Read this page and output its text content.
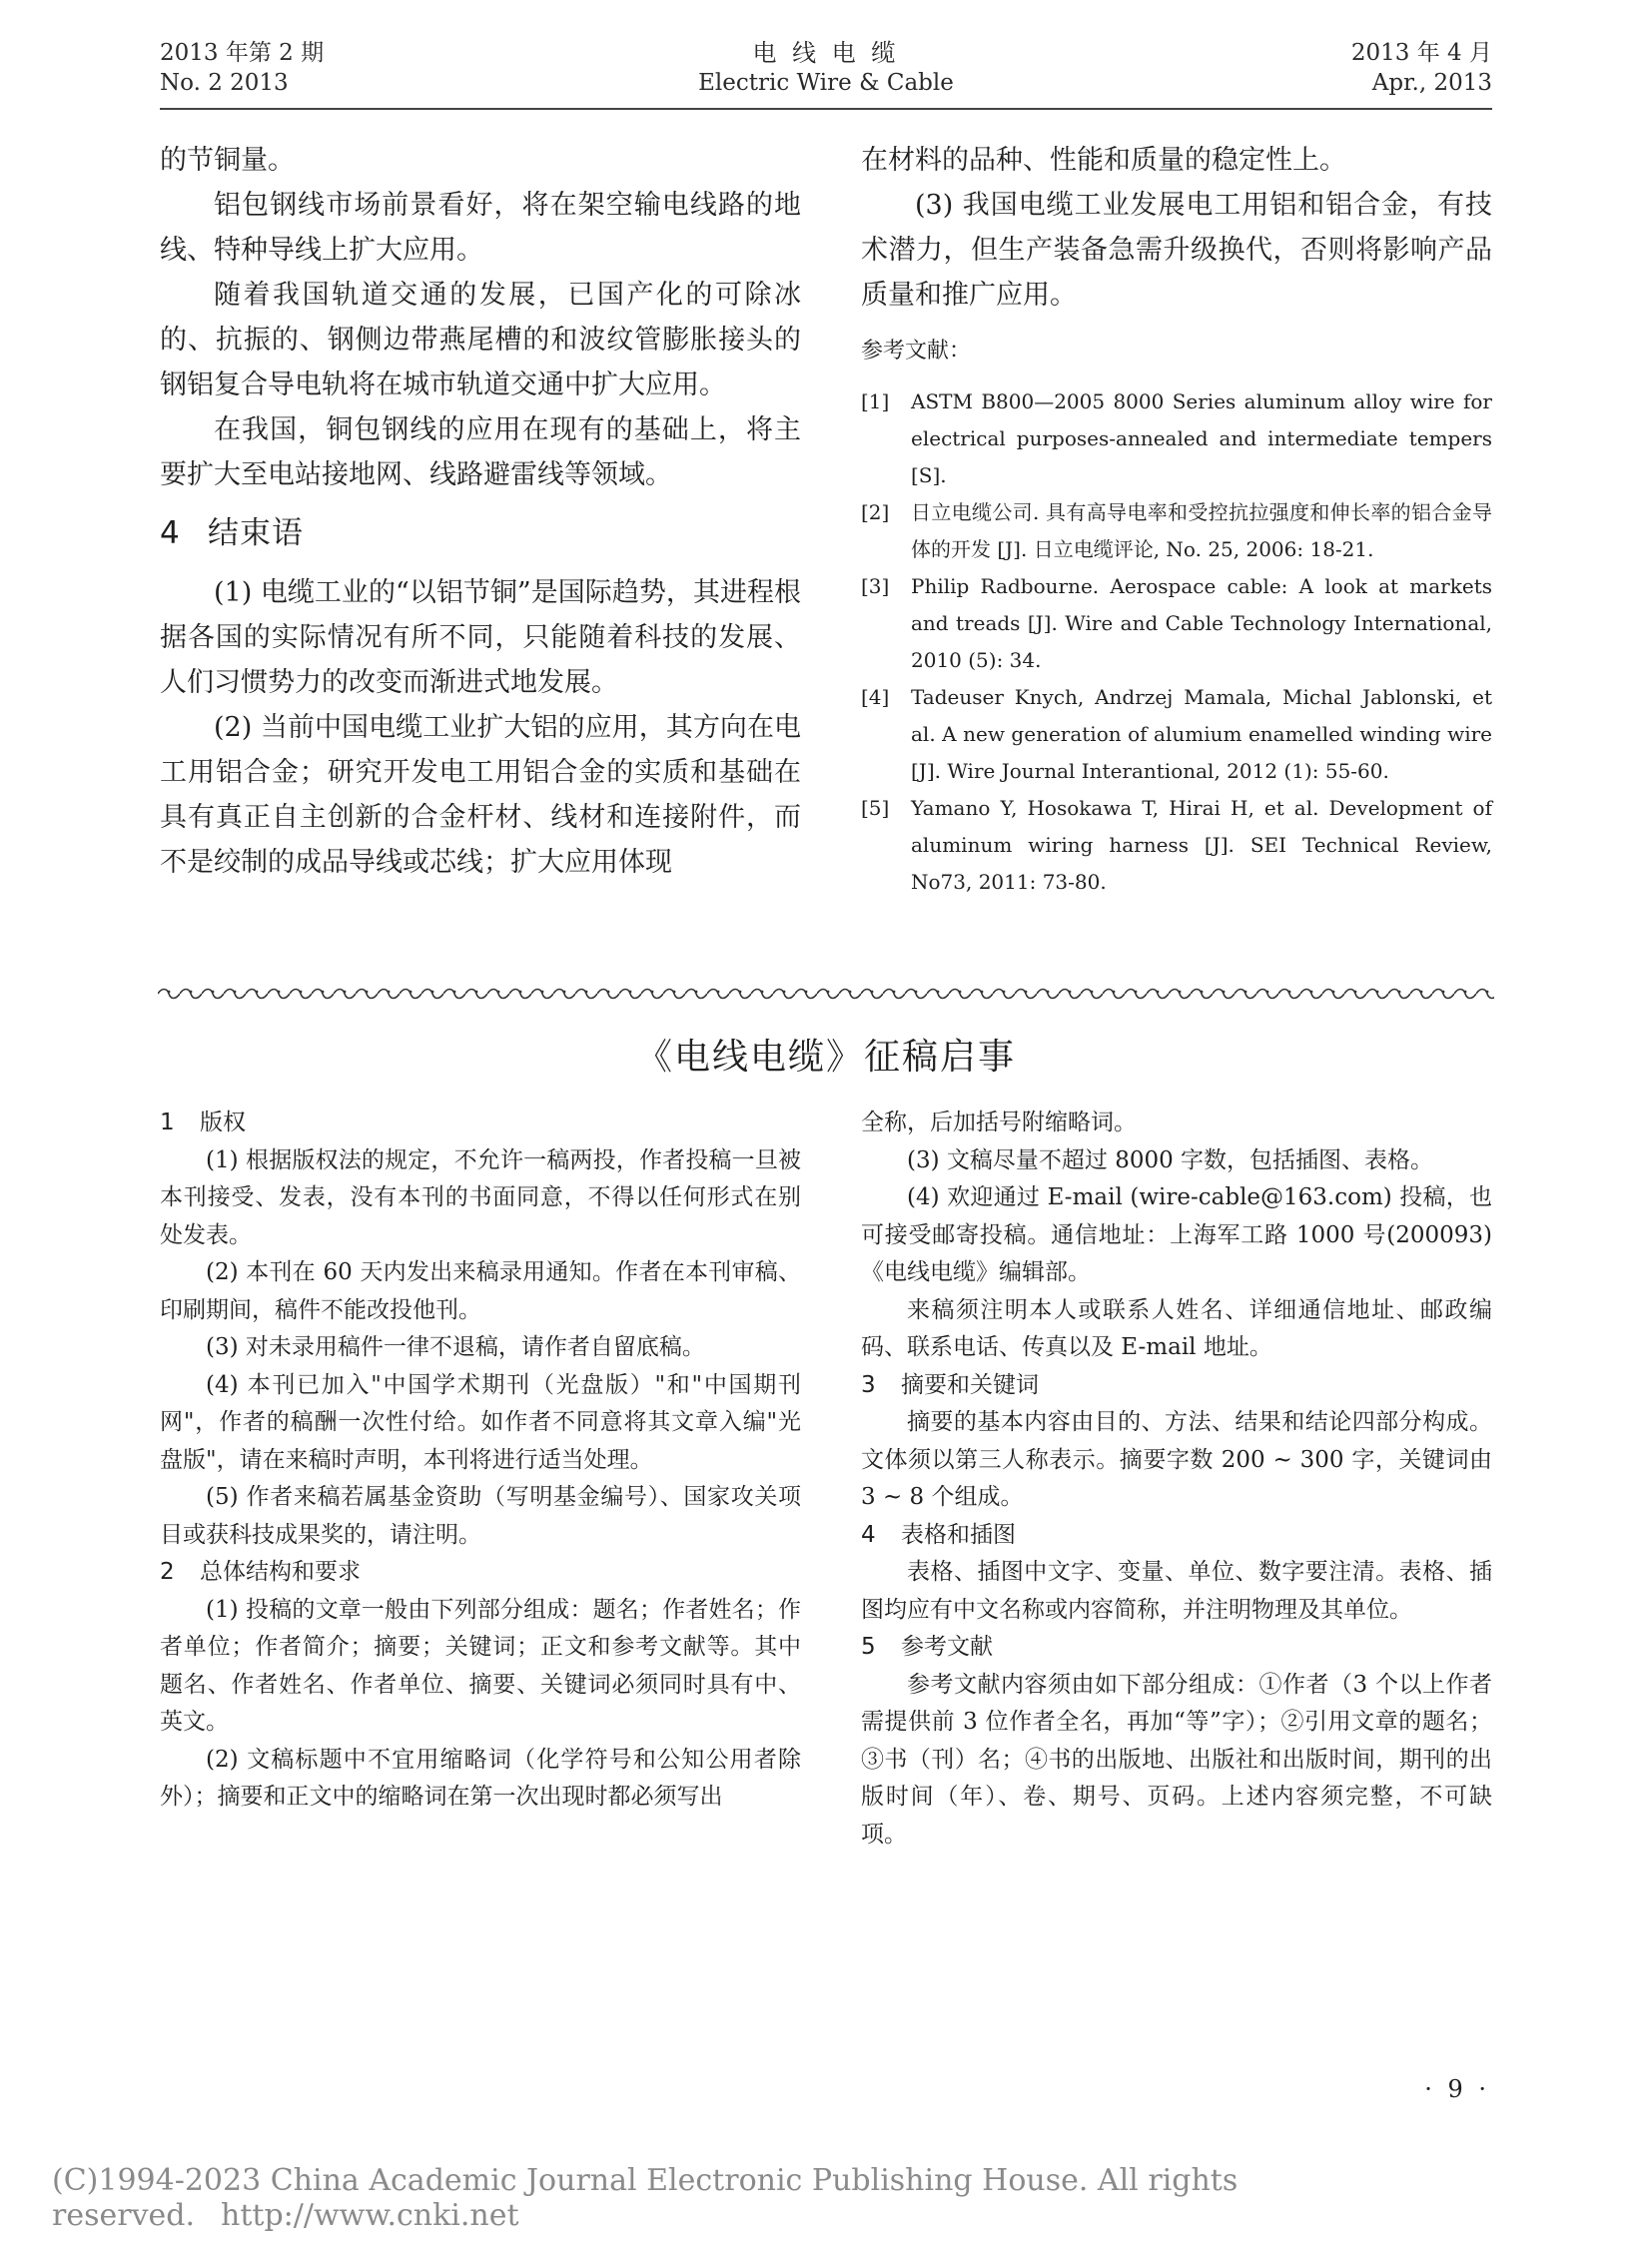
2013 年第 2 期
No. 2 2013
电 线 电 缆
Electric Wire & Cable
2013 年 4 月
Apr., 2013

的节铜量。

铝包钢线市场前景看好，将在架空输电线路的地线、特种导线上扩大应用。

随着我国轨道交通的发展，已国产化的可除冰的、抗振的、钢侧边带燕尾槽的和波纹管膨胀接头的钢铝复合导电轨将在城市轨道交通中扩大应用。

在我国，铜包钢线的应用在现有的基础上，将主要扩大至电站接地网、线路避雷线等领域。

4 结束语

(1) 电缆工业的“以铝节铜”是国际趋势，其进程根据各国的实际情况有所不同，只能随着科技的发展、人们习惯势力的改变而渐进式地发展。

(2) 当前中国电缆工业扩大铝的应用，其方向在电工用铝合金；研究开发电工用铝合金的实质和基础在具有真正自主创新的合金杆材、线材和连接附件，而不是绞制的成品导线或芯线；扩大应用体现

在材料的品种、性能和质量的稳定性上。

(3) 我国电缆工业发展电工用铝和铝合金，有技术潜力，但生产装备急需升级换代，否则将影响产品质量和推广应用。

参考文献：

[1]	ASTM B800—2005 8000 Series aluminum alloy wire for electrical purposes-annealed and intermediate tempers [S].

[2]	日立电缆公司. 具有高导电率和受控抗拉强度和伸长率的铝合金导体的开发 [J]. 日立电缆评论, No. 25, 2006: 18-21.

[3]	Philip Radbourne. Aerospace cable: A look at markets and treads [J]. Wire and Cable Technology International, 2010 (5): 34.

[4]	Tadeuser Knych, Andrzej Mamala, Michal Jablonski, et al. A new generation of alumium enamelled winding wire [J]. Wire Journal Interantional, 2012 (1): 55-60.

[5]	Yamano Y, Hosokawa T, Hirai H, et al. Development of aluminum wiring harness [J]. SEI Technical Review, No73, 2011: 73-80.

《电线电缆》征稿启事

1 版权

(1) 根据版权法的规定，不允许一稿两投，作者投稿一旦被本刊接受、发表，没有本刊的书面同意，不得以任何形式在别处发表。

(2) 本刊在 60 天内发出来稿录用通知。作者在本刊审稿、印刷期间，稿件不能改投他刊。

(3) 对未录用稿件一律不退稿，请作者自留底稿。

(4) 本刊已加入"中国学术期刊（光盘版）"和"中国期刊网"，作者的稿酬一次性付给。如作者不同意将其文章入编"光盘版"，请在来稿时声明，本刊将进行适当处理。

(5) 作者来稿若属基金资助（写明基金编号）、国家攻关项目或获科技成果奖的，请注明。

2 总体结构和要求

(1) 投稿的文章一般由下列部分组成：题名；作者姓名；作者单位；作者简介；摘要；关键词；正文和参考文献等。其中题名、作者姓名、作者单位、摘要、关键词必须同时具有中、英文。

(2) 文稿标题中不宜用缩略词（化学符号和公知公用者除外）；摘要和正文中的缩略词在第一次出现时都必须写出

全称，后加括号附缩略词。

(3) 文稿尽量不超过 8000 字数，包括插图、表格。

(4) 欢迎通过 E-mail (wire-cable@163.com) 投稿，也可接受邮寄投稿。通信地址：上海军工路 1000 号(200093)《电线电缆》编辑部。

来稿须注明本人或联系人姓名、详细通信地址、邮政编码、联系电话、传真以及 E-mail 地址。

3 摘要和关键词

摘要的基本内容由目的、方法、结果和结论四部分构成。文体须以第三人称表示。摘要字数 200 ~ 300 字，关键词由 3 ~ 8 个组成。

4 表格和插图

表格、插图中文字、变量、单位、数字要注清。表格、插图均应有中文名称或内容简称，并注明物理及其单位。

5 参考文献

参考文献内容须由如下部分组成：①作者（3 个以上作者需提供前 3 位作者全名，再加“等”字）；②引用文章的题名；③书（刊）名；④书的出版地、出版社和出版时间，期刊的出版时间（年）、卷、期号、页码。上述内容须完整，不可缺项。

· 9 ·
(C)1994-2023 China Academic Journal Electronic Publishing House. All rights reserved. http://www.cnki.net
